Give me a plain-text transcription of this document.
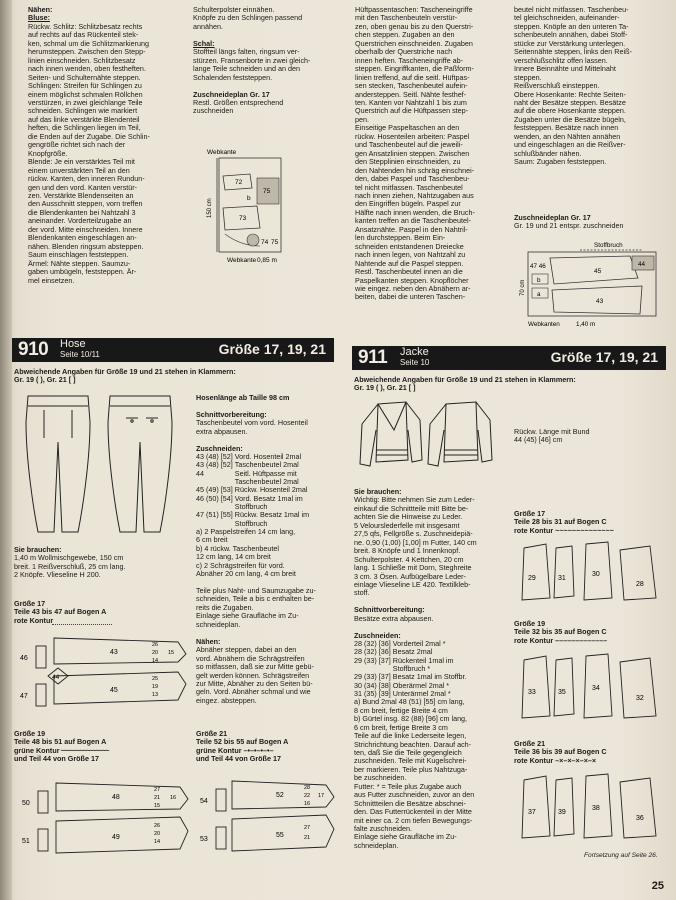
Nähen:

Bluse:

Rückw. Schlitz: Schlitzbesatz rechts

auf rechts auf das Rückenteil stek-

ken, schmal um die Schlitzmarkierung

herumsteppen. Zwischen den Stepp-

linien einschneiden. Schlitzbesatz

nach innen wenden, oben festheften.

Seiten- und Schulternähte steppen.

Schlingen: Streifen für Schlingen zu

einem möglichst schmalen Röllchen

verstürzen, in zwei gleichlange Teile

schneiden. Schlingen wie markiert

auf das linke verstärkte Blendenteil

heften, die Schlingen liegen im Teil,

die Enden auf der Zugabe. Die Schlin-

gengröße richtet sich nach der

Knopfgröße.

Blende: Je ein verstärktes Teil mit

einem unverstärkten Teil an den

rückw. Kanten, den inneren Rundun-

gen und den vord. Kanten verstür-

zen. Verstärkte Blendenseiten an

den Ausschnitt steppen, vorn treffen

die Blendenkanten bei Nahtzahl 3

aneinander. Vorderteilzugabe an

der vord. Mitte einschneiden. Innere

Blendenkanten eingeschlagen an-

nähen. Blenden ringsum absteppen.

Saum einschlagen feststeppen.

Ärmel: Nähte steppen. Saumzu-

gaben umbügeln, feststeppen. Är-

mel einsetzen.

Schulterpolster einnähen.

Knöpfe zu den Schlingen passend

annähen.

Schal:

Stoffteil längs falten, ringsum ver-

stürzen. Fransenborte in zwei gleich-

lange Teile schneiden und an den

Schalenden feststeppen.

Zuschneideplan Gr. 17

Restl. Größen entsprechend

zuschneiden

Hüftpassentaschen: Tascheneingriffe

mit den Taschenbeuteln verstür-

zen, oben genau bis zu den Querstri-

chen steppen. Zugaben an den

Querstrichen einschneiden. Zugaben

oberhalb der Querstriche nach

innen heften. Tascheneingriffe ab-

steppen. Eingriffkanten, die Paßform-

linien treffend, auf die seitl. Hüftpas-

sen stecken, Taschenbeutel aufein-

andersteppen. Seitl. Nähte festhef-

ten. Kanten vor Nahtzahl 1 bis zum

Querstrich auf die Hüftpassen step-

pen.

Einseitige Paspeltaschen an den

rückw. Hosenteilen arbeiten: Paspel

und Taschenbeutel auf die jeweili-

gen Ansatzlinien steppen. Zwischen

den Stepplinien einschneiden, zu

den Nahtenden hin schräg einschnei-

den, dabei Paspel und Taschenbeu-

tel nicht mitfassen. Taschenbeutel

nach innen ziehen, Nahtzugaben aus

den Eingriffen bügeln. Paspel zur

Hälfte nach innen wenden, die Bruch-

kanten treffen an die Taschenbeutel-

Ansatznähte. Paspel in den Nahtril-

len durchsteppen. Beim Ein-

schneiden entstandenen Dreiecke

nach innen legen, von Nahtzahl zu

Nahtende auf die Paspel steppen.

Restl. Taschenbeutel innen an die

Paspelkanten steppen. Knopflöcher

wie eingez. neben den Abnähern ar-

beiten, dabei die unteren Taschen-

beutel nicht mitfassen. Taschenbeu-

tel gleichschneiden, aufeinander-

steppen. Knöpfe an den unteren Ta-

schenbeuteln annähen, dabei Stoff-

stücke zur Verstärkung unterlegen.

Seitennähte steppen, links den Reiß-

verschlußschlitz offen lassen.

Innere Beinnähte und Mittelnaht

steppen.

Reißverschluß einsteppen.

Obere Hosenkante: Rechte Seiten-

naht der Besätze steppen. Besätze

auf die obere Hosenkante steppen.

Zugaben unter die Besätze bügeln,

feststeppen. Besätze nach innen

wenden, an den Nähten annähen

und eingeschlagen an die Reißver-

schlußbänder nähen.

Saum: Zugaben feststeppen.

Webkante
150 cm
72
75
b
73
74 75
Webkante 0,85 m

Zuschneideplan Gr. 17

Gr. 19 und 21 entspr. zuschneiden

Stoffbruch
70 cm
47 46
45
44
b
a
43
Webkanten	1,40 m
910 Hose
Seite 10/11	Größe 17, 19, 21

Abweichende Angaben für Größe 19 und 21 stehen in Klammern:

Gr. 19 ( ), Gr. 21 [ ]

Sie brauchen:

1,40 m Wollmischgewebe, 150 cm

breit. 1 Reißverschluß, 25 cm lang.

2 Knöpfe. Vlieseline H 200.

Größe 17

Teile 43 bis 47 auf Bogen A

rote Kontur

46
43
26
20
14
15
44
47
45
25
19
13

Größe 19

Teile 48 bis 51 auf Bogen A

grüne Kontur ~~~~~~~~~~~~~~~

und Teil 44 von Größe 17

50
48
27
21
15
16
51
49
26
20
14

Hosenlänge ab Taille 98 cm

Schnittvorbereitung:

Taschenbeutel vom vord. Hosenteil

extra abpausen.

Zuschneiden:

43 (48)	[52]	Vord. Hosenteil 2mal
43 (48)	[52]	Taschenbeutel 2mal
44		Seitl. Hüftpasse mit
		Taschenbeutel 2mal
45 (49)	[53]	Rückw. Hosenteil 2mal
46 (50)	[54]	Vord. Besatz 1mal im
		Stoffbruch
47 (51)	[55]	Rückw. Besatz 1mal im
		Stoffbruch

a) 2 Paspelstreifen 14 cm lang,

6 cm breit

b) 4 rückw. Taschenbeutel

12 cm lang, 14 cm breit

c) 2 Schrägstreifen für vord.

Abnäher 20 cm lang, 4 cm breit

Teile plus Naht- und Saumzugabe zu-

schneiden, Teile a bis c enthalten be-

reits die Zugaben.

Einlage siehe Graufläche im Zu-

schneideplan.

Nähen:

Abnäher steppen, dabei an den

vord. Abnähern die Schrägstreifen

so mitfassen, daß sie zur Mitte gebü-

gelt werden können. Schrägstreifen

zur Mitte, Abnäher zu den Seiten bü-

geln. Vord. Abnäher schmal und wie

eingez. absteppen.

Größe 21

Teile 52 bis 55 auf Bogen A

grüne Kontur –•–•–•–•–

und Teil 44 von Größe 17

54
52
28
22
16
17
53
55
27
21
911 Jacke
Seite 10	Größe 17, 19, 21

Abweichende Angaben für Größe 19 und 21 stehen in Klammern:

Gr. 19 ( ), Gr. 21 [ ]

Rückw. Länge mit Bund

44 (45) [46] cm

Sie brauchen:

Wichtig: Bitte nehmen Sie zum Leder-

einkauf die Schnittteile mit! Bitte be-

achten Sie die Hinweise zu Leder.

5 Velourslederfelle mit insgesamt

27,5 qfs, Fellgröße s. Zuschneidepiä-

ne. 0,90 (1,00) [1,00] m Futter, 140 cm

breit. 8 Knöpfe und 1 Innenknopf.

Schulterpolster. 4 Kettchen, 20 cm

lang. 1 Schließe mit Dorn, Steghreite

3 cm. 3 Ösen. Aufbügelbare Leder-

einlage Vlieseline LE 420. Textilkleb-

stoff.

Schnittvorbereitung:

Besätze extra abpausen.

Zuschneiden:

28 (32)	[36]	Vorderteil 2mal *
28 (32)	[36]	Besatz 2mal
29 (33)	[37]	Rückenteil 1mal im
		Stoffbruch *
29 (33)	[37]	Besatz 1mal im Stoffbr.
30 (34)	[38]	Oberärmel 2mal *
31 (35)	[39]	Unterärmel 2mal *

a) Bund 2mal 48 (51) [55] cm lang,

8 cm breit, fertige Breite 4 cm

b) Gürtel insg. 82 (88) [96] cm lang,

6 cm breit, fertige Breite 3 cm

Teile auf die linke Lederseite legen,

Strichrichtung beachten. Darauf ach-

ten, daß Sie die Teile gegengleich

zuschneiden. Teile mit Kugelschrei-

ber markieren. Teile plus Nahtzuga-

be zuschneiden.

Futter: * = Teile plus Zugabe auch

aus Futter zuschneiden, zuvor an den

Schnittteilen die Besätze abschnei-

den. Das Futterrückenteil in der Mitte

mit einer ca. 2 cm tiefen Bewegungs-

falte zuschneiden.

Einlage siehe Graufläche im Zu-

schneideplan.

Größe 17

Teile 28 bis 31 auf Bogen C

rote Kontur ~~~~~~~~~~~~~~

29	31
30
28

Größe 19

Teile 32 bis 35 auf Bogen C

rote Kontur –––––––––––––

33	35
34
32

Größe 21

Teile 36 bis 39 auf Bogen C

rote Kontur –×–×–×–×–×

37	39
38
36
Fortsetzung auf Seite 26.
25
